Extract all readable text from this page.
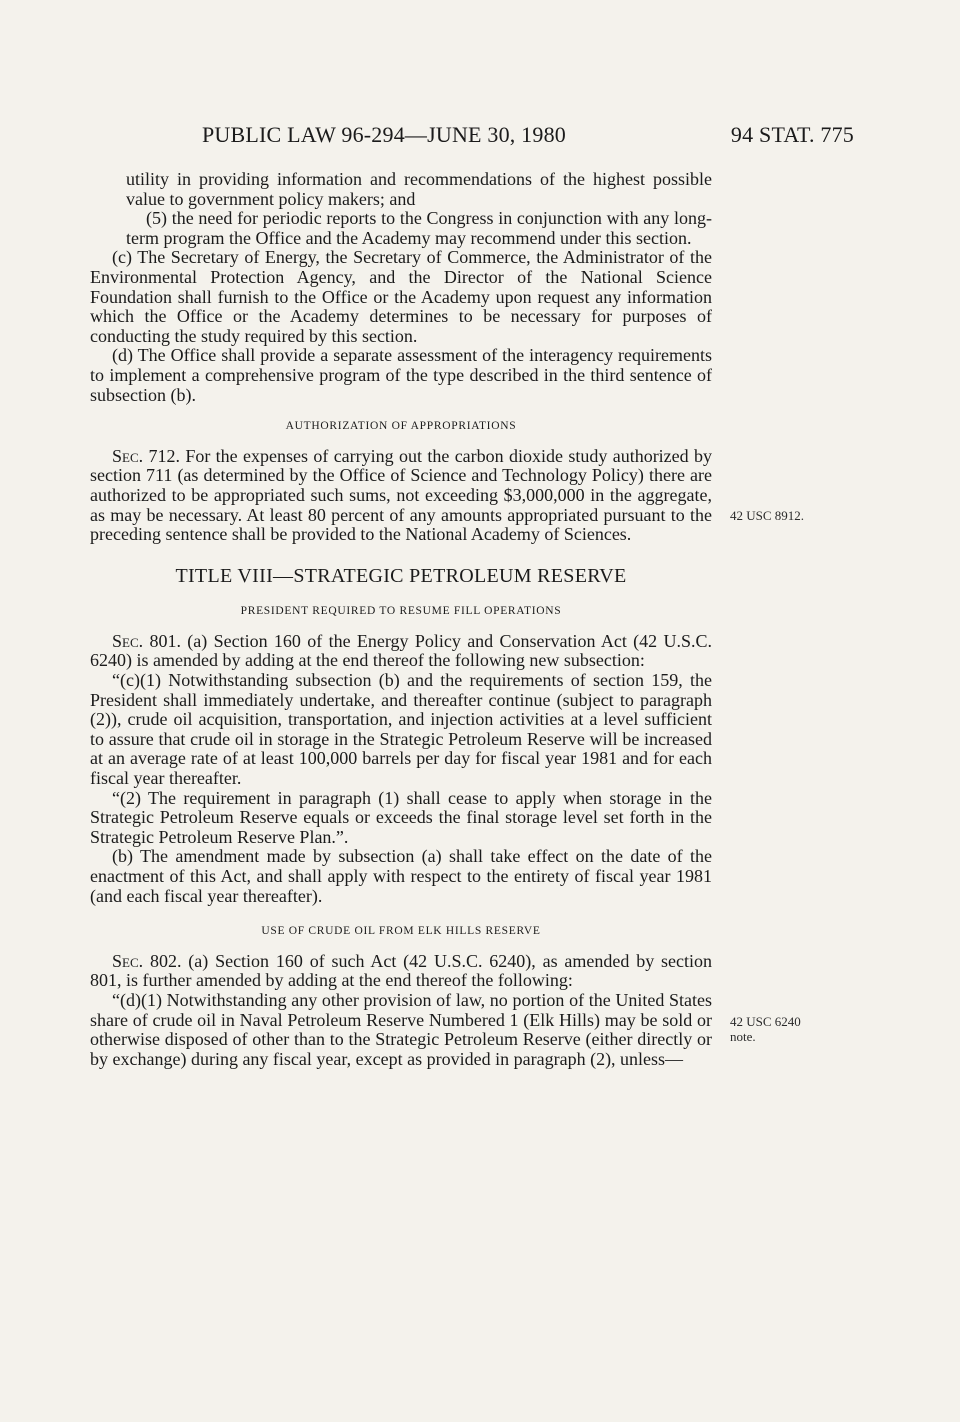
PUBLIC LAW 96-294—JUNE 30, 1980	94 STAT. 775

utility in providing information and recommendations of the highest possible value to government policy makers; and

(5) the need for periodic reports to the Congress in conjunction with any long-term program the Office and the Academy may recommend under this section.

(c) The Secretary of Energy, the Secretary of Commerce, the Administrator of the Environmental Protection Agency, and the Director of the National Science Foundation shall furnish to the Office or the Academy upon request any information which the Office or the Academy determines to be necessary for purposes of conducting the study required by this section.

(d) The Office shall provide a separate assessment of the interagency requirements to implement a comprehensive program of the type described in the third sentence of subsection (b).

AUTHORIZATION OF APPROPRIATIONS

Sec. 712. For the expenses of carrying out the carbon dioxide study authorized by section 711 (as determined by the Office of Science and Technology Policy) there are authorized to be appropriated such sums, not exceeding $3,000,000 in the aggregate, as may be necessary. At least 80 percent of any amounts appropriated pursuant to the preceding sentence shall be provided to the National Academy of Sciences.

TITLE VIII—STRATEGIC PETROLEUM RESERVE
PRESIDENT REQUIRED TO RESUME FILL OPERATIONS

Sec. 801. (a) Section 160 of the Energy Policy and Conservation Act (42 U.S.C. 6240) is amended by adding at the end thereof the following new subsection:

“(c)(1) Notwithstanding subsection (b) and the requirements of section 159, the President shall immediately undertake, and thereafter continue (subject to paragraph (2)), crude oil acquisition, transportation, and injection activities at a level sufficient to assure that crude oil in storage in the Strategic Petroleum Reserve will be increased at an average rate of at least 100,000 barrels per day for fiscal year 1981 and for each fiscal year thereafter.

“(2) The requirement in paragraph (1) shall cease to apply when storage in the Strategic Petroleum Reserve equals or exceeds the final storage level set forth in the Strategic Petroleum Reserve Plan.”.

(b) The amendment made by subsection (a) shall take effect on the date of the enactment of this Act, and shall apply with respect to the entirety of fiscal year 1981 (and each fiscal year thereafter).

USE OF CRUDE OIL FROM ELK HILLS RESERVE

Sec. 802. (a) Section 160 of such Act (42 U.S.C. 6240), as amended by section 801, is further amended by adding at the end thereof the following:

“(d)(1) Notwithstanding any other provision of law, no portion of the United States share of crude oil in Naval Petroleum Reserve Numbered 1 (Elk Hills) may be sold or otherwise disposed of other than to the Strategic Petroleum Reserve (either directly or by exchange) during any fiscal year, except as provided in paragraph (2), unless—

42 USC 8912.
42 USC 6240
note.
